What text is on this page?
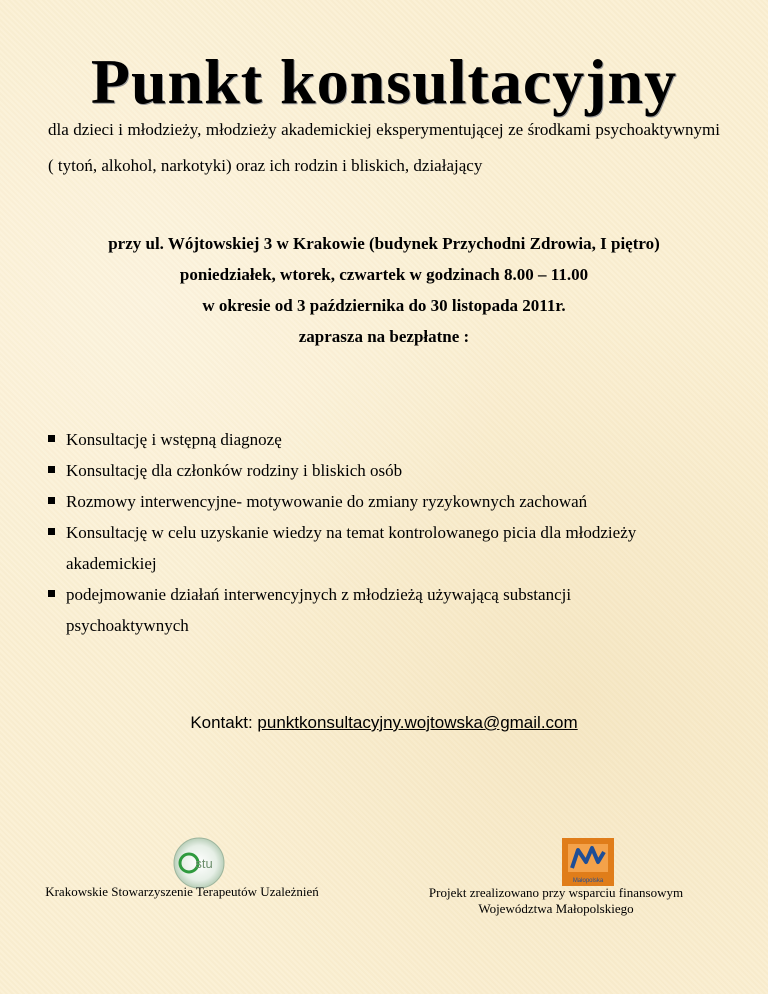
Punkt konsultacyjny
dla dzieci i młodzieży, młodzieży akademickiej eksperymentującej ze środkami psychoaktywnymi ( tytoń, alkohol, narkotyki) oraz ich rodzin i bliskich, działający
przy ul. Wójtowskiej 3 w Krakowie (budynek Przychodni Zdrowia, I piętro)
poniedziałek, wtorek, czwartek w godzinach 8.00 – 11.00
w okresie od 3 października do 30 listopada 2011r.
zaprasza na bezpłatne :
Konsultację i wstępną diagnozę
Konsultację dla członków rodziny i bliskich osób
Rozmowy interwencyjne- motywowanie do zmiany ryzykownych zachowań
Konsultację w celu uzyskanie wiedzy na temat kontrolowanego picia dla młodzieży akademickiej
podejmowanie działań interwencyjnych z młodzieżą używającą substancji psychoaktywnych
Kontakt: punktkonsultacyjny.wojtowska@gmail.com
stu
Małopolska
Krakowskie Stowarzyszenie Terapeutów Uzależnień	Projekt zrealizowano przy wsparciu finansowym
Województwa Małopolskiego
